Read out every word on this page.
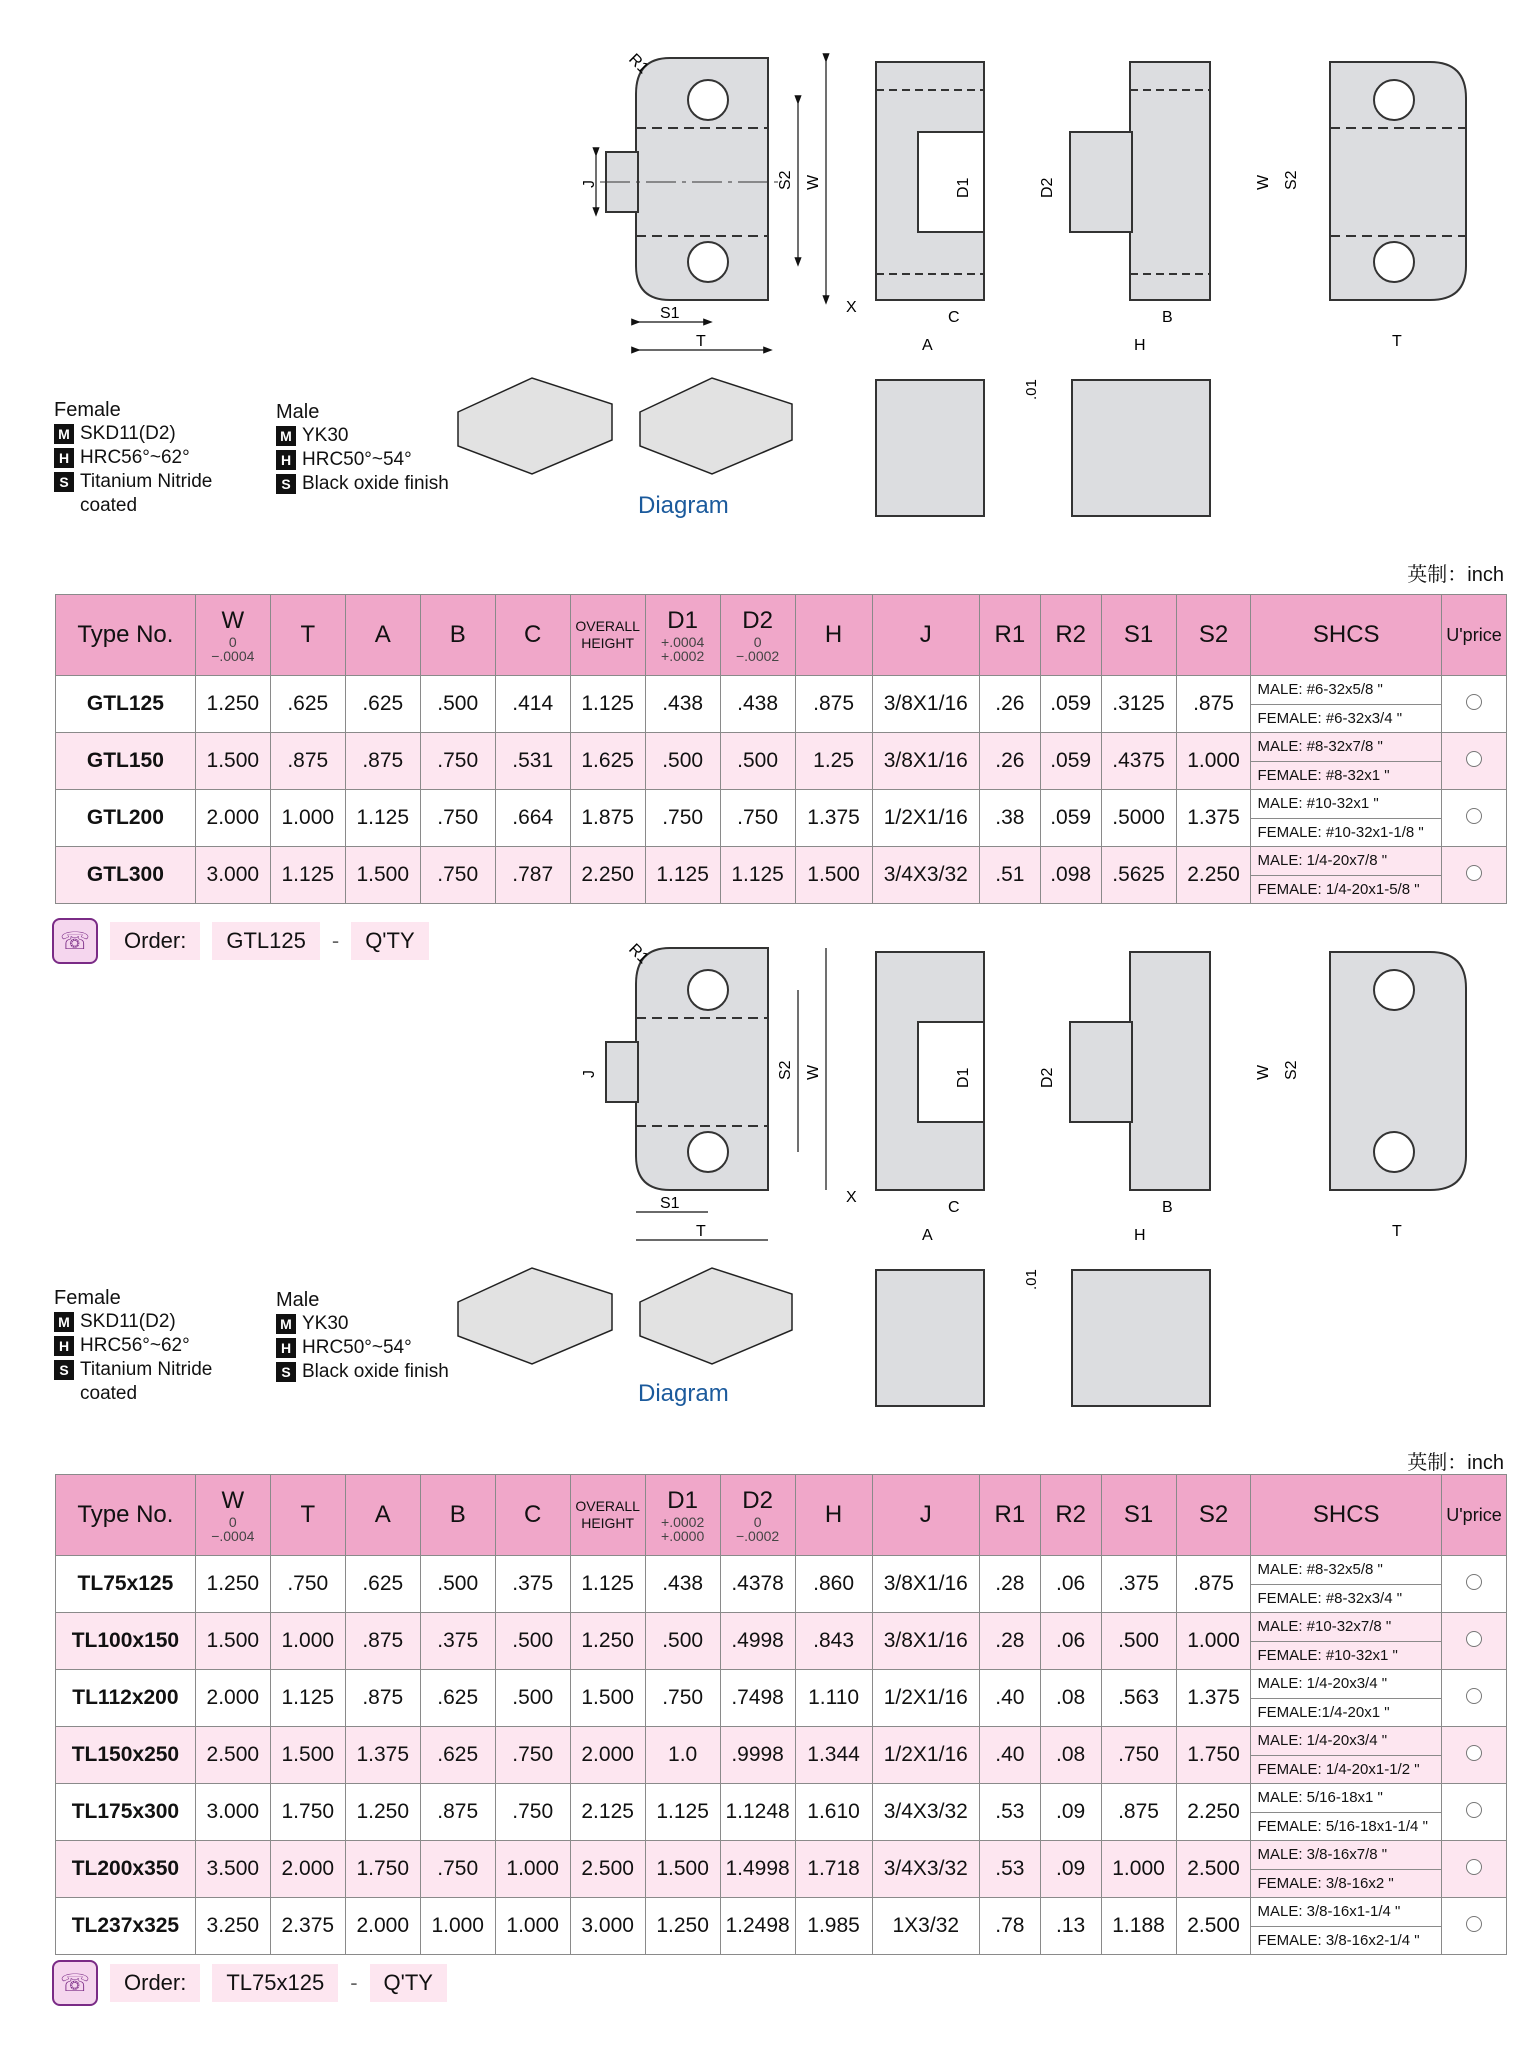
S2 W
S1
T
J
R1
A
C
D1
X
H
B
D2	W S2
T
.01
Female
M SKD11(D2)
H HRC56°~62°
S Titanium Nitride
coated
Male
M YK30
H HRC50°~54°
S Black oxide finish
Diagram
英制：inch
Type No.	W
0
−.0004	T	A	B	C	OVERALL
HEIGHT	D1
+.0004
+.0002	D2
0
−.0002	H	J	R1	R2	S1	S2	SHCS	U'price
GTL125	1.250	.625	.625	.500	.414	1.125	.438	.438	.875	3/8X1/16	.26	.059	.3125	.875	MALE: #6-32x5/8 "
FEMALE: #6-32x3/4 "	

GTL150	1.500	.875	.875	.750	.531	1.625	.500	.500	1.25	3/8X1/16	.26	.059	.4375	1.000	MALE: #8-32x7/8 "
FEMALE: #8-32x1 "	

GTL200	2.000	1.000	1.125	.750	.664	1.875	.750	.750	1.375	1/2X1/16	.38	.059	.5000	1.375	MALE: #10-32x1 "
FEMALE: #10-32x1-1/8 "	

GTL300	3.000	1.125	1.500	.750	.787	2.250	1.125	1.125	1.500	3/4X3/32	.51	.098	.5625	2.250	MALE: 1/4-20x7/8 "
FEMALE: 1/4-20x1-5/8 "	

☏	Order:	GTL125	-	Q'TY
S2 W
S1
T
J
R1
A
C
D1
X
H
B
D2	W S2
T
.01
Female
M SKD11(D2)
H HRC56°~62°
S Titanium Nitride
coated
Male
M YK30
H HRC50°~54°
S Black oxide finish
Diagram
英制：inch
Type No.	W
0
−.0004	T	A	B	C	OVERALL
HEIGHT	D1
+.0002
+.0000	D2
0
−.0002	H	J	R1	R2	S1	S2	SHCS	U'price
TL75x125	1.250	.750	.625	.500	.375	1.125	.438	.4378	.860	3/8X1/16	.28	.06	.375	.875	MALE: #8-32x5/8 "
FEMALE: #8-32x3/4 "	

TL100x150	1.500	1.000	.875	.375	.500	1.250	.500	.4998	.843	3/8X1/16	.28	.06	.500	1.000	MALE: #10-32x7/8 "
FEMALE: #10-32x1 "	

TL112x200	2.000	1.125	.875	.625	.500	1.500	.750	.7498	1.110	1/2X1/16	.40	.08	.563	1.375	MALE: 1/4-20x3/4 "
FEMALE:1/4-20x1 "	

TL150x250	2.500	1.500	1.375	.625	.750	2.000	1.0	.9998	1.344	1/2X1/16	.40	.08	.750	1.750	MALE: 1/4-20x3/4 "
FEMALE: 1/4-20x1-1/2 "	

TL175x300	3.000	1.750	1.250	.875	.750	2.125	1.125	1.1248	1.610	3/4X3/32	.53	.09	.875	2.250	MALE: 5/16-18x1 "
FEMALE: 5/16-18x1-1/4 "	

TL200x350	3.500	2.000	1.750	.750	1.000	2.500	1.500	1.4998	1.718	3/4X3/32	.53	.09	1.000	2.500	MALE: 3/8-16x7/8 "
FEMALE: 3/8-16x2 "	

TL237x325	3.250	2.375	2.000	1.000	1.000	3.000	1.250	1.2498	1.985	1X3/32	.78	.13	1.188	2.500	MALE: 3/8-16x1-1/4 "
FEMALE: 3/8-16x2-1/4 "	

☏	Order:	TL75x125	-	Q'TY
